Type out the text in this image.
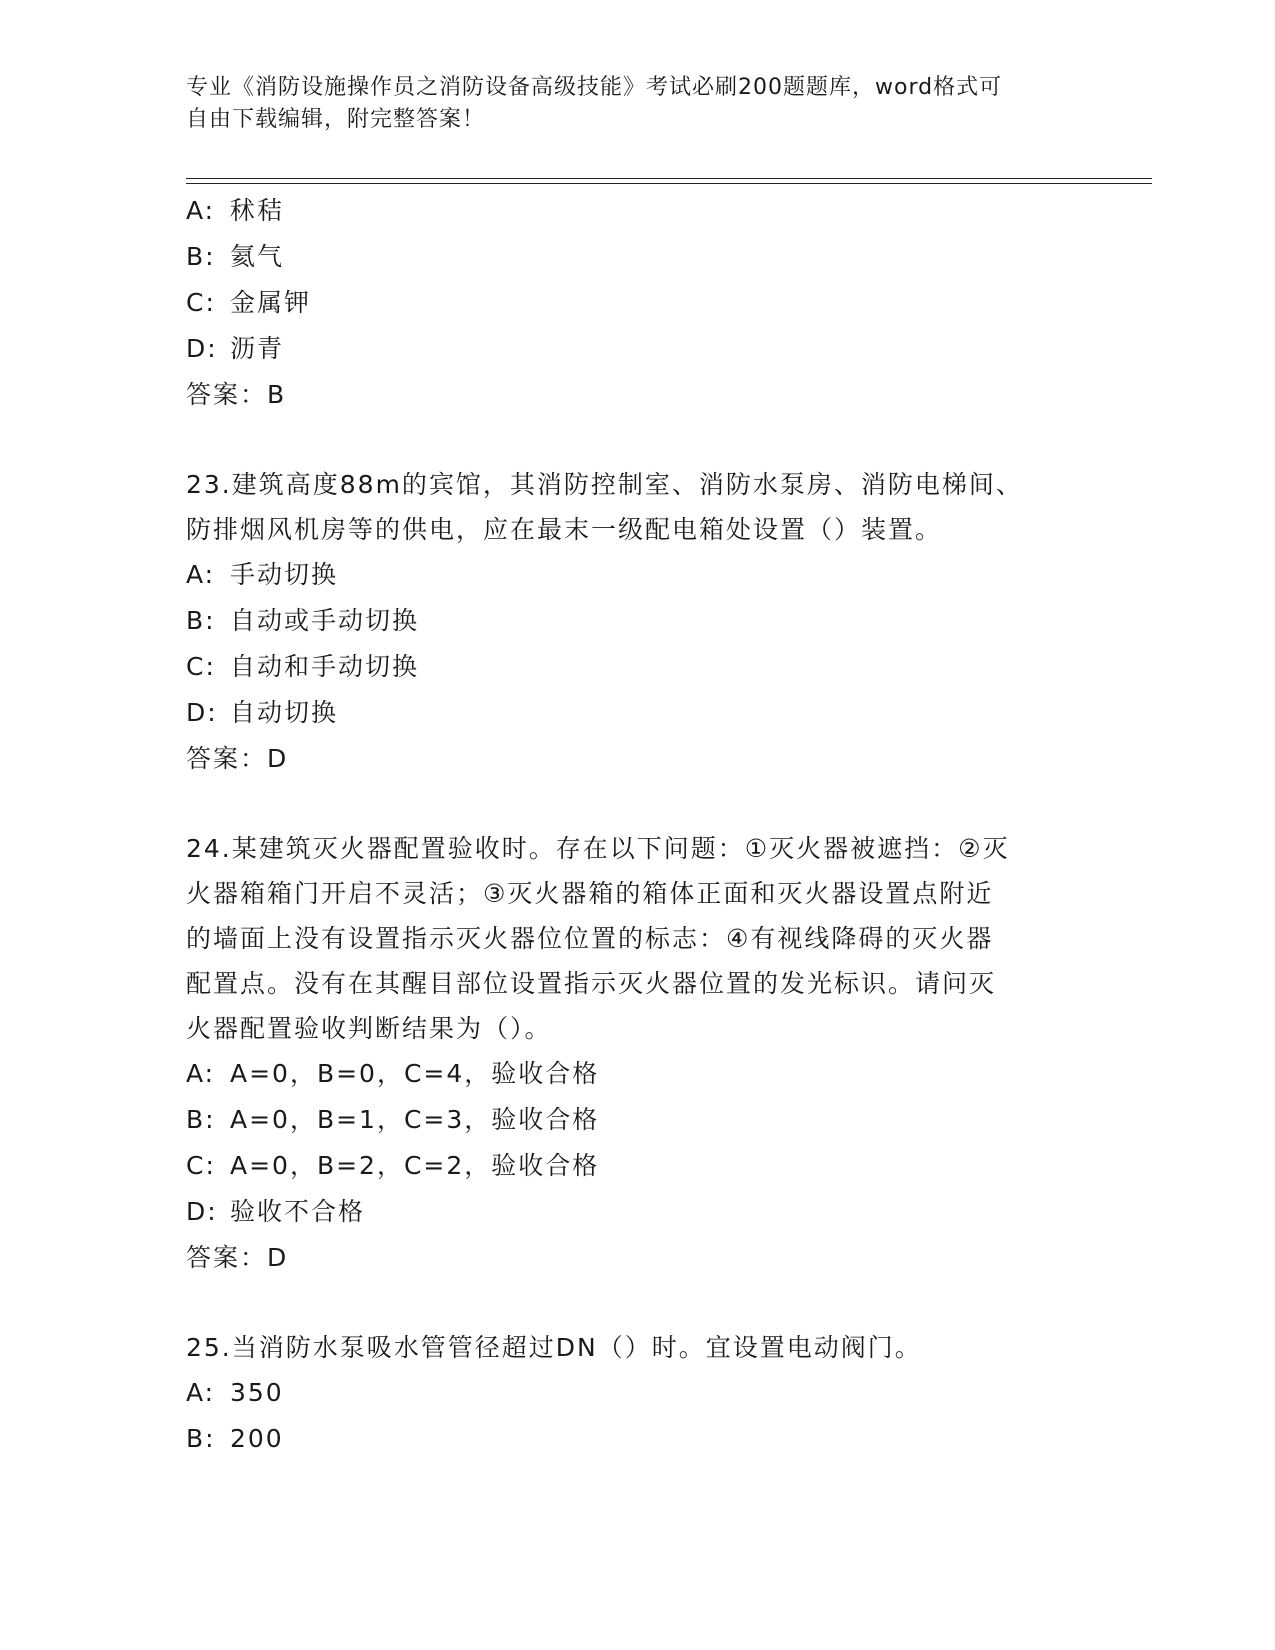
专业《消防设施操作员之消防设备高级技能》考试必刷200题题库，word格式可
自由下载编辑，附完整答案！
A: 秫秸
B: 氦气
C: 金属钾
D: 沥青
答案：B
23.建筑高度88m的宾馆，其消防控制室、消防水泵房、消防电梯间、
防排烟风机房等的供电，应在最末一级配电箱处设置（）装置。
A: 手动切换
B: 自动或手动切换
C: 自动和手动切换
D: 自动切换
答案：D
24.某建筑灭火器配置验收时。存在以下问题：①灭火器被遮挡：②灭
火器箱箱门开启不灵活；③灭火器箱的箱体正面和灭火器设置点附近
的墙面上没有设置指示灭火器位位置的标志：④有视线降碍的灭火器
配置点。没有在其醒目部位设置指示灭火器位置的发光标识。请问灭
火器配置验收判断结果为（）。
A: A=0，B=0，C=4，验收合格
B: A=0，B=1，C=3，验收合格
C: A=0，B=2，C=2，验收合格
D: 验收不合格
答案：D
25.当消防水泵吸水管管径超过DN（）时。宜设置电动阀门。
A: 350
B: 200
